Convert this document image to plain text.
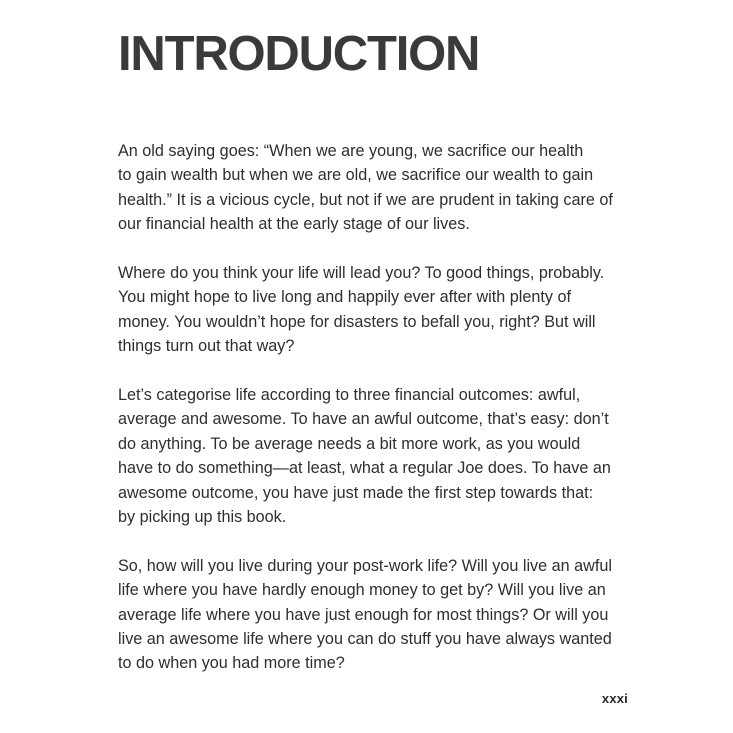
INTRODUCTION

An old saying goes: “When we are young, we sacrifice our health
to gain wealth but when we are old, we sacrifice our wealth to gain
health.” It is a vicious cycle, but not if we are prudent in taking care of
our financial health at the early stage of our lives.

Where do you think your life will lead you? To good things, probably.
You might hope to live long and happily ever after with plenty of
money. You wouldn’t hope for disasters to befall you, right? But will
things turn out that way?

Let’s categorise life according to three financial outcomes: awful,
average and awesome. To have an awful outcome, that’s easy: don’t
do anything. To be average needs a bit more work, as you would
have to do something—at least, what a regular Joe does. To have an
awesome outcome, you have just made the first step towards that:
by picking up this book.

So, how will you live during your post-work life? Will you live an awful
life where you have hardly enough money to get by? Will you live an
average life where you have just enough for most things? Or will you
live an awesome life where you can do stuff you have always wanted
to do when you had more time?

xxxi
